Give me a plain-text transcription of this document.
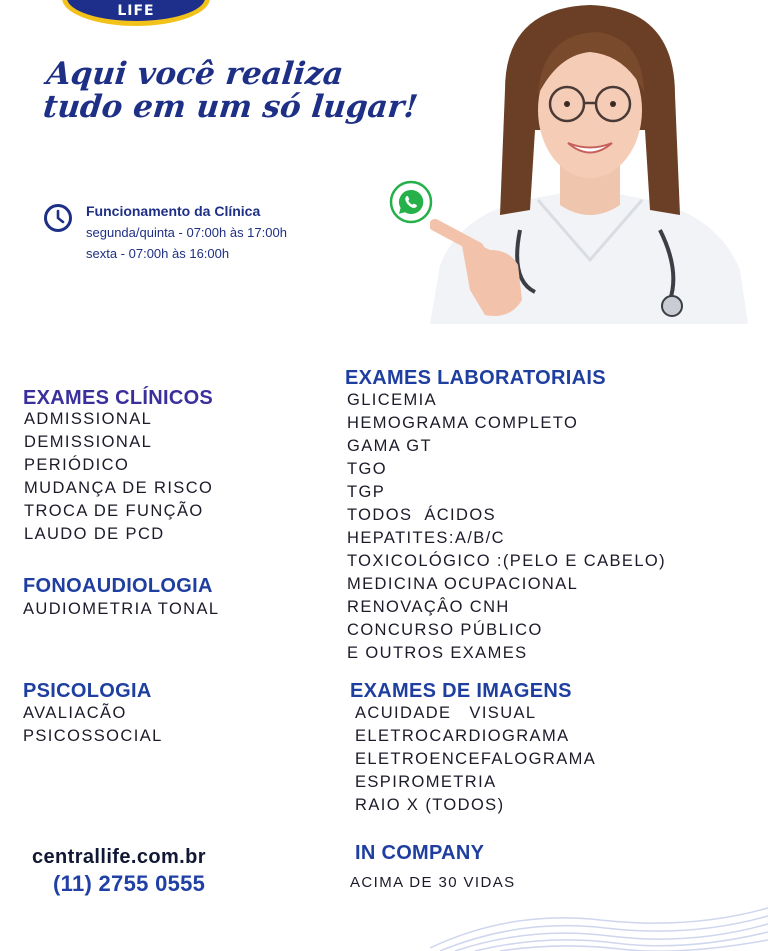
LIFE
Aqui você realiza
tudo em um só lugar!
Funcionamento da Clínica
segunda/quinta - 07:00h às 17:00h
sexta - 07:00h às 16:00h
EXAMES CLÍNICOS
ADMISSIONAL
DEMISSIONAL
PERIÓDICO
MUDANÇA DE RISCO
TROCA DE FUNÇÃO
LAUDO DE PCD
FONOAUDIOLOGIA
AUDIOMETRIA TONAL
PSICOLOGIA
AVALIACÃO
PSICOSSOCIAL
EXAMES LABORATORIAIS
GLICEMIA
HEMOGRAMA COMPLETO
GAMA GT
TGO
TGP
TODOS  ÁCIDOS
HEPATITES:A/B/C
TOXICOLÓGICO :(PELO E CABELO)
MEDICINA OCUPACIONAL
RENOVAÇÂO CNH
CONCURSO PÚBLICO
E OUTROS EXAMES
EXAMES DE IMAGENS
ACUIDADE   VISUAL
ELETROCARDIOGRAMA
ELETROENCEFALOGRAMA
ESPIROMETRIA
RAIO X (TODOS)
IN COMPANY
ACIMA DE 30 VIDAS
centrallife.com.br
(11) 2755 0555
